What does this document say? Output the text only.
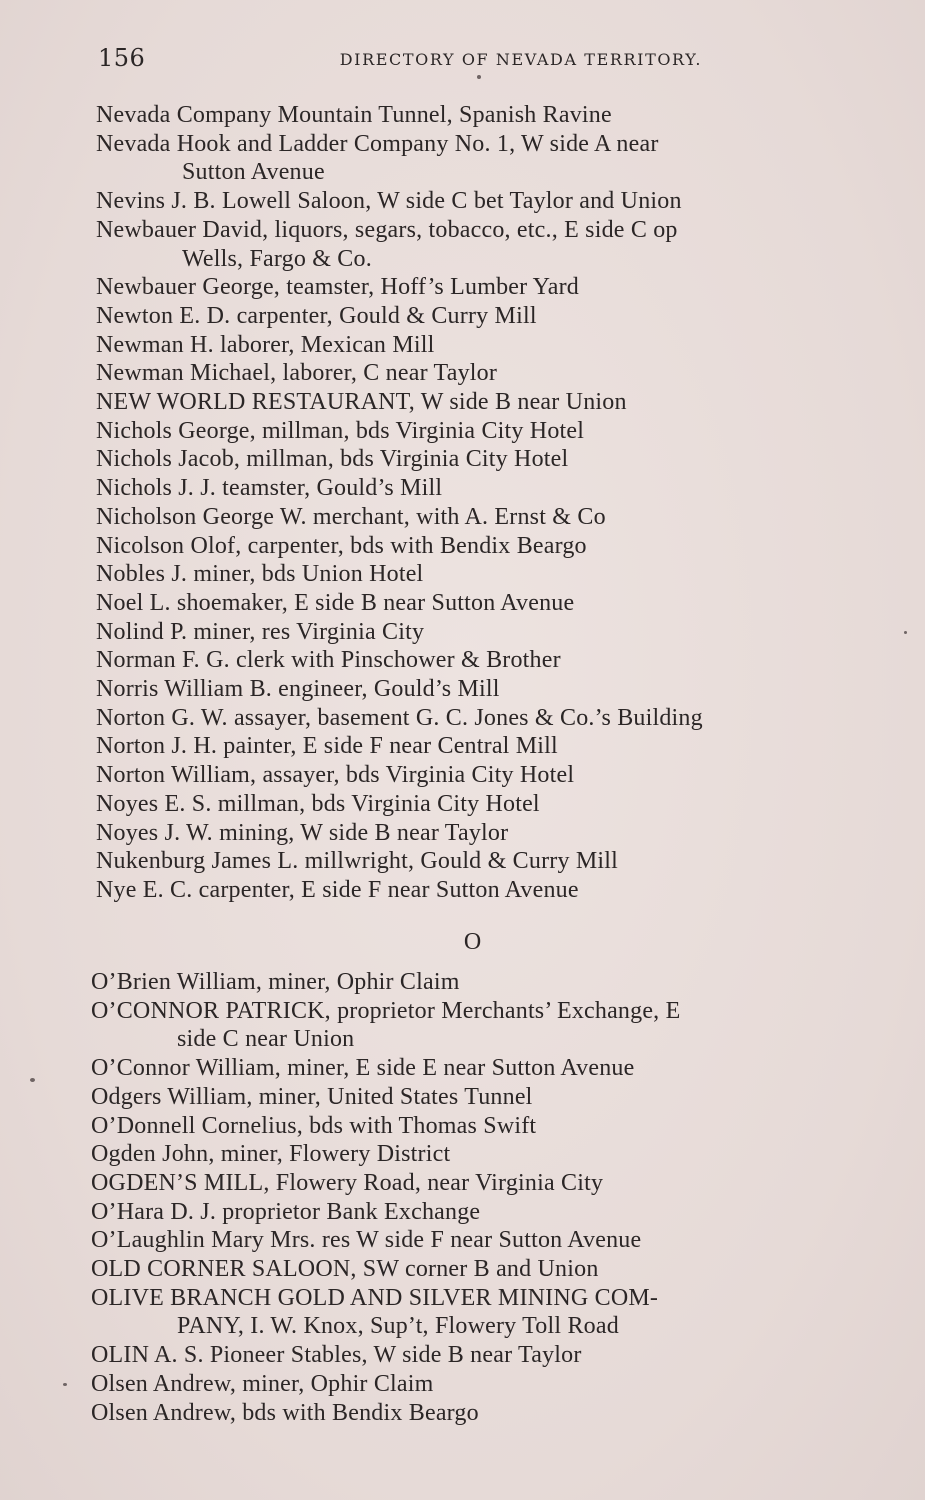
156	DIRECTORY OF NEVADA TERRITORY.
Nevada Company Mountain Tunnel, Spanish Ravine
Nevada Hook and Ladder Company No. 1, W side A near
Sutton Avenue
Nevins J. B. Lowell Saloon, W side C bet Taylor and Union
Newbauer David, liquors, segars, tobacco, etc., E side C op
Wells, Fargo & Co.
Newbauer George, teamster, Hoff’s Lumber Yard
Newton E. D. carpenter, Gould & Curry Mill
Newman H. laborer, Mexican Mill
Newman Michael, laborer, C near Taylor
NEW WORLD RESTAURANT, W side B near Union
Nichols George, millman, bds Virginia City Hotel
Nichols Jacob, millman, bds Virginia City Hotel
Nichols J. J. teamster, Gould’s Mill
Nicholson George W. merchant, with A. Ernst & Co
Nicolson Olof, carpenter, bds with Bendix Beargo
Nobles J. miner, bds Union Hotel
Noel L. shoemaker, E side B near Sutton Avenue
Nolind P. miner, res Virginia City
Norman F. G. clerk with Pinschower & Brother
Norris William B. engineer, Gould’s Mill
Norton G. W. assayer, basement G. C. Jones & Co.’s Building
Norton J. H. painter, E side F near Central Mill
Norton William, assayer, bds Virginia City Hotel
Noyes E. S. millman, bds Virginia City Hotel
Noyes J. W. mining, W side B near Taylor
Nukenburg James L. millwright, Gould & Curry Mill
Nye E. C. carpenter, E side F near Sutton Avenue
O
O’Brien William, miner, Ophir Claim
O’CONNOR PATRICK, proprietor Merchants’ Exchange, E
side C near Union
O’Connor William, miner, E side E near Sutton Avenue
Odgers William, miner, United States Tunnel
O’Donnell Cornelius, bds with Thomas Swift
Ogden John, miner, Flowery District
OGDEN’S MILL, Flowery Road, near Virginia City
O’Hara D. J. proprietor Bank Exchange
O’Laughlin Mary Mrs. res W side F near Sutton Avenue
OLD CORNER SALOON, SW corner B and Union
OLIVE BRANCH GOLD AND SILVER MINING COM-
PANY, I. W. Knox, Sup’t, Flowery Toll Road
OLIN A. S. Pioneer Stables, W side B near Taylor
Olsen Andrew, miner, Ophir Claim
Olsen Andrew, bds with Bendix Beargo
